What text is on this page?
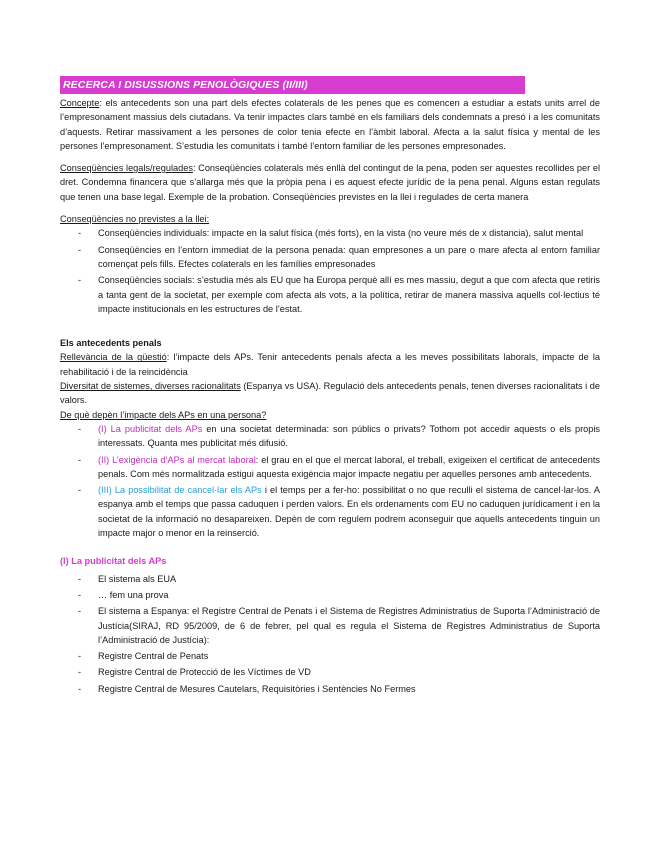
RECERCA I DISUSSIONS PENOLÒGIQUES (II/III)

Concepte: els antecedents son una part dels efectes colaterals de les penes que es comencen a estudiar a estats units arrel de l’empresonament massius dels ciutadans. Va tenir impactes clars també en els familiars dels condemnats a presó i a les comunitats d’aquests. Retirar massivament a les persones de color tenia efecte en l’àmbit laboral. Afecta a la salut física y mental de les persones l’empresonament. S’estudia les comunitats i també l’entorn familiar de les persones empresonades.

Conseqüències legals/regulades: Conseqüències colaterals més enllà del contingut de la pena, poden ser aquestes recollides per el dret. Condemna financera que s’allarga més que la pròpia pena i es aquest efecte jurídic de la pena penal. Alguns estan regulats que tenen una base legal. Exemple de la probation. Conseqüències previstes en la llei i regulades de certa manera

Conseqüències no previstes a la llei:
- Conseqüències individuals: impacte en la salut física (més forts), en la vista (no veure més de x distancia), salut mental
- Conseqüències en l’entorn immediat de la persona penada: quan empresones a un pare o mare afecta al entorn familiar començat pels fills. Efectes colaterals en les famílies empresonades
- Conseqüències socials: s’estudia més als EU que ha Europa perquè allí es mes massiu, degut a que com afecta que retiris a tanta gent de la societat, per exemple com afecta als vots, a la política, retirar de manera massiva aquells col·lectius té impacte institucionals en les estructures de l’estat.
Els antecedents penals

Rellevància de la qüestió: l’impacte dels APs. Tenir antecedents penals afecta a les meves possibilitats laborals, impacte de la rehabilitació i de la reincidència

Diversitat de sistemes, diverses racionalitats (Espanya vs USA). Regulació dels antecedents penals, tenen diverses racionalitats i de valors.

De què depèn l’impacte dels APs en una persona?
- (I) La publicitat dels APs en una societat determinada: son públics o privats? Tothom pot accedir aquests o els propis interessats. Quanta mes publicitat més difusió.
- (II) L’exigència d’APs al mercat laboral: el grau en el que el mercat laboral, el treball, exigeixen el certificat de antecedents penals. Com més normalitzada estigui aquesta exigència major impacte negatiu per aquelles persones amb antecedents.
- (III) La possibilitat de cancel·lar els APs i el temps per a fer-ho: possibilitat o no que reculli el sistema de cancel·lar-los. A espanya amb el temps que passa caduquen i perden valors. En els ordenaments com EU no caduquen jurídicament i en la societat de la informació no desapareixen. Depèn de com regulem podrem aconseguir que aquells antecedents tinguin un impacte major o menor en la reinserció.
(I) La publicitat dels APs
- El sistema als EUA
- … fem una prova
- El sistema a Espanya: el Registre Central de Penats i el Sistema de Registres Administratius de Suporta l’Administració de Justícia(SIRAJ, RD 95/2009, de 6 de febrer, pel qual es regula el Sistema de Registres Administratius de Suporta l’Administració de Justícia):
- Registre Central de Penats
- Registre Central de Protecció de les Víctimes de VD
- Registre Central de Mesures Cautelars, Requisitòries i Sentències No Fermes
